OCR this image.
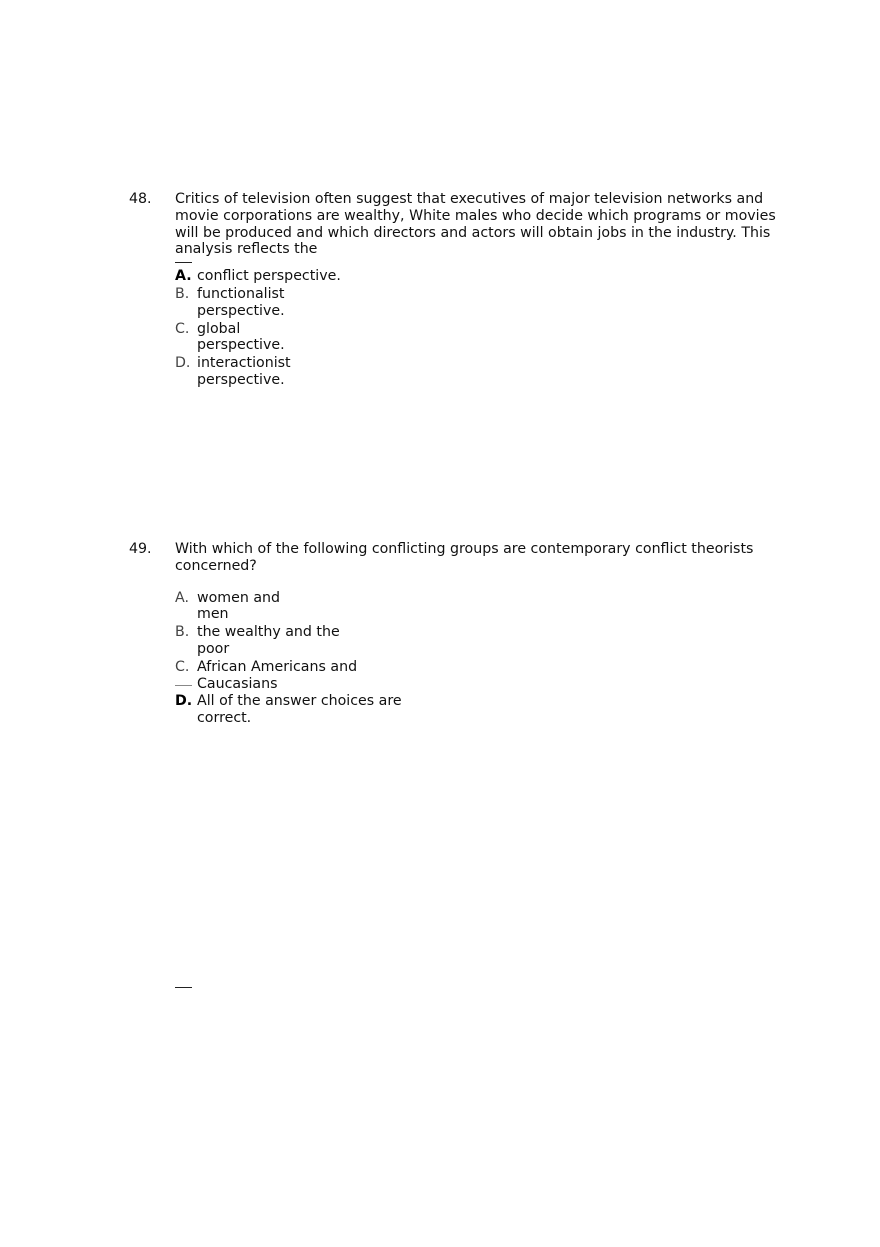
48. Critics of television often suggest that executives of major television networks and movie corporations are wealthy, White males who decide which programs or movies will be produced and which directors and actors will obtain jobs in the industry. This analysis reflects the
A. conflict perspective.
B. functionalist perspective.
C. global perspective.
D. interactionist perspective.
49. With which of the following conflicting groups are contemporary conflict theorists concerned?
A. women and men
B. the wealthy and the poor
C. African Americans and Caucasians
D. All of the answer choices are correct.
